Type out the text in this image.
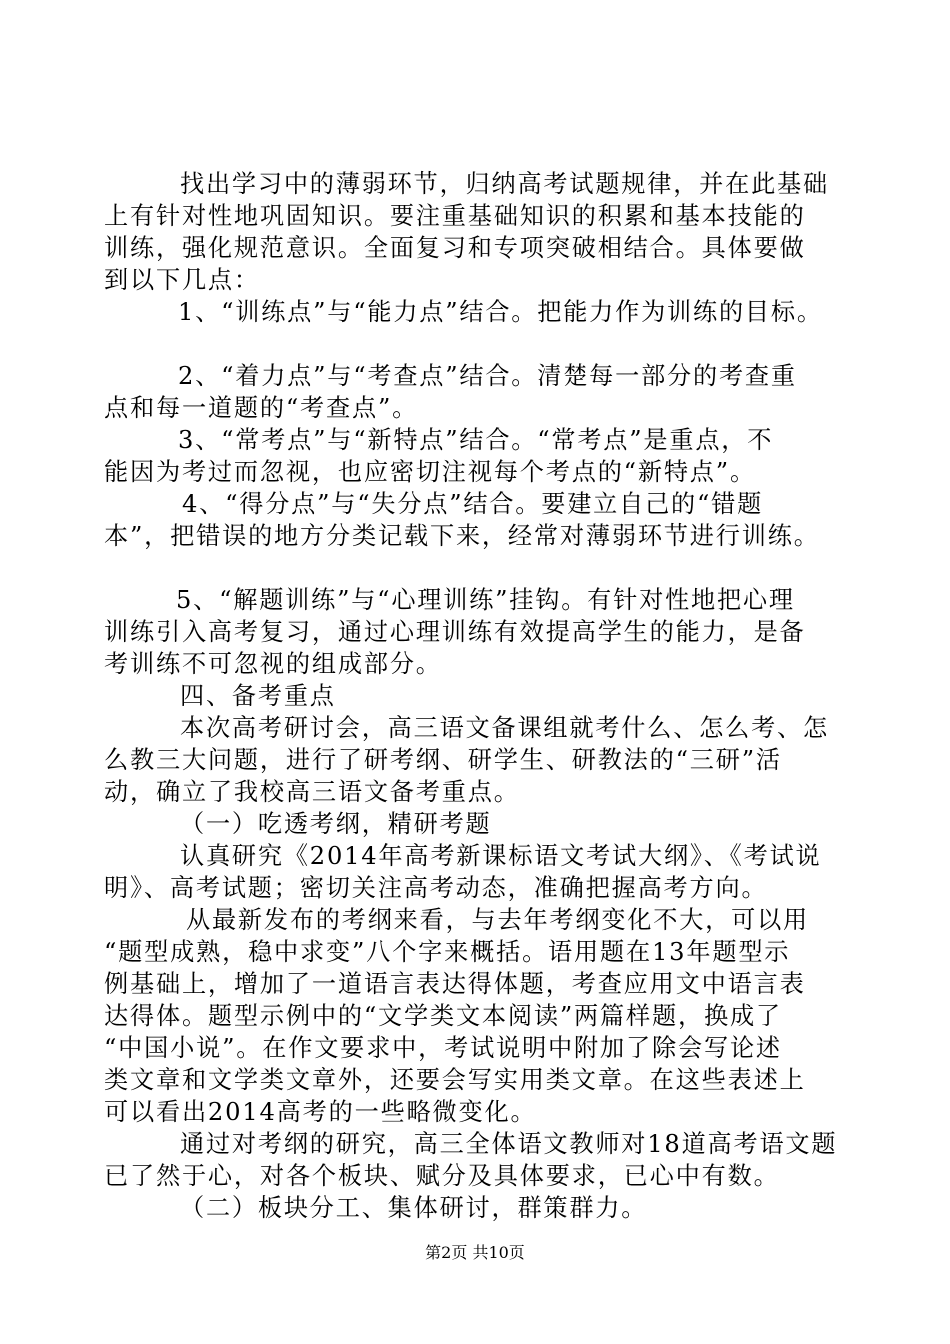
找出学习中的薄弱环节，归纳高考试题规律，并在此基础
上有针对性地巩固知识。要注重基础知识的积累和基本技能的
训练，强化规范意识。全面复习和专项突破相结合。具体要做
到以下几点：
1、“训练点”与“能力点”结合。把能力作为训练的目标。
2、“着力点”与“考查点”结合。清楚每一部分的考查重
点和每一道题的“考查点”。
3、“常考点”与“新特点”结合。“常考点”是重点，不
能因为考过而忽视，也应密切注视每个考点的“新特点”。
4、“得分点”与“失分点”结合。要建立自己的“错题
本”，把错误的地方分类记载下来，经常对薄弱环节进行训练。
5、“解题训练”与“心理训练”挂钩。有针对性地把心理
训练引入高考复习，通过心理训练有效提高学生的能力，是备
考训练不可忽视的组成部分。
四、备考重点
本次高考研讨会，高三语文备课组就考什么、怎么考、怎
么教三大问题，进行了研考纲、研学生、研教法的“三研”活
动，确立了我校高三语文备考重点。
（一）吃透考纲，精研考题
认真研究《2014年高考新课标语文考试大纲》、《考试说
明》、高考试题；密切关注高考动态，准确把握高考方向。
从最新发布的考纲来看，与去年考纲变化不大，可以用
“题型成熟，稳中求变”八个字来概括。语用题在13年题型示
例基础上，增加了一道语言表达得体题，考查应用文中语言表
达得体。题型示例中的“文学类文本阅读”两篇样题，换成了
“中国小说”。在作文要求中，考试说明中附加了除会写论述
类文章和文学类文章外，还要会写实用类文章。在这些表述上
可以看出2014高考的一些略微变化。
通过对考纲的研究，高三全体语文教师对18道高考语文题
已了然于心，对各个板块、赋分及具体要求，已心中有数。
（二）板块分工、集体研讨，群策群力。
第2页 共10页
